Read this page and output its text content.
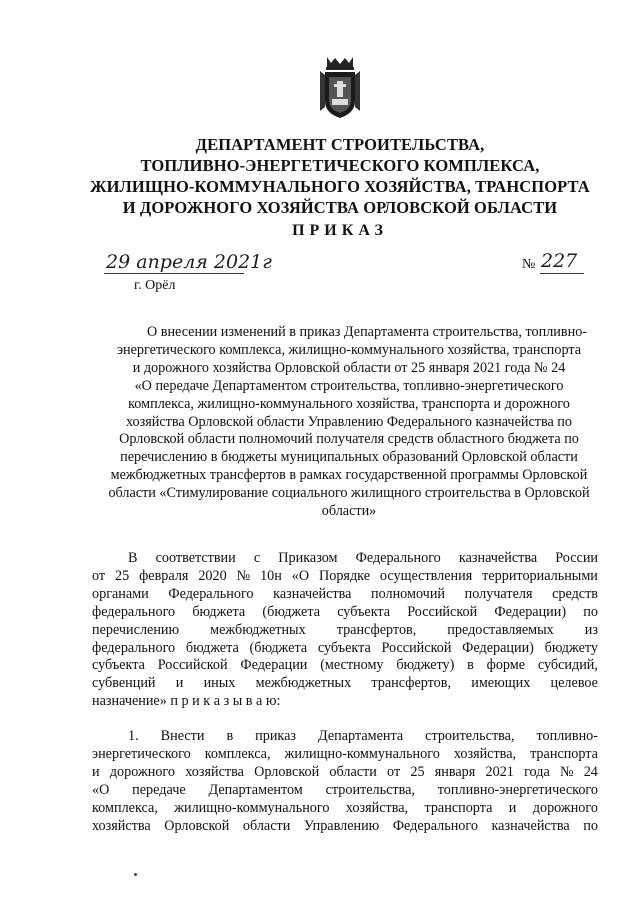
ДЕПАРТАМЕНТ СТРОИТЕЛЬСТВА,
ТОПЛИВНО-ЭНЕРГЕТИЧЕСКОГО КОМПЛЕКСА,
ЖИЛИЩНО-КОММУНАЛЬНОГО ХОЗЯЙСТВА, ТРАНСПОРТА
И ДОРОЖНОГО ХОЗЯЙСТВА ОРЛОВСКОЙ ОБЛАСТИ
ПРИКАЗ
29 апреля 2021г	№ 227
г. Орёл
О внесении изменений в приказ Департамента строительства, топливно-
энергетического комплекса, жилищно-коммунального хозяйства, транспорта
и дорожного хозяйства Орловской области от 25 января 2021 года № 24
«О передаче Департаментом строительства, топливно-энергетического
комплекса, жилищно-коммунального хозяйства, транспорта и дорожного
хозяйства Орловской области Управлению Федерального казначейства по
Орловской области полномочий получателя средств областного бюджета по
перечислению в бюджеты муниципальных образований Орловской области
межбюджетных трансфертов в рамках государственной программы Орловской
области «Стимулирование социального жилищного строительства в Орловской
области»
В соответствии с Приказом Федерального казначейства России
от 25 февраля 2020 № 10н «О Порядке осуществления территориальными
органами Федерального казначейства полномочий получателя средств
федерального бюджета (бюджета субъекта Российской Федерации) по
перечислению межбюджетных трансфертов, предоставляемых из
федерального бюджета (бюджета субъекта Российской Федерации) бюджету
субъекта Российской Федерации (местному бюджету) в форме субсидий,
субвенций и иных межбюджетных трансфертов, имеющих целевое
назначение» п р и к а з ы в а ю:
1. Внести в приказ Департамента строительства, топливно-
энергетического комплекса, жилищно-коммунального хозяйства, транспорта
и дорожного хозяйства Орловской области от 25 января 2021 года № 24
«О передаче Департаментом строительства, топливно-энергетического
комплекса, жилищно-коммунального хозяйства, транспорта и дорожного
хозяйства Орловской области Управлению Федерального казначейства по
